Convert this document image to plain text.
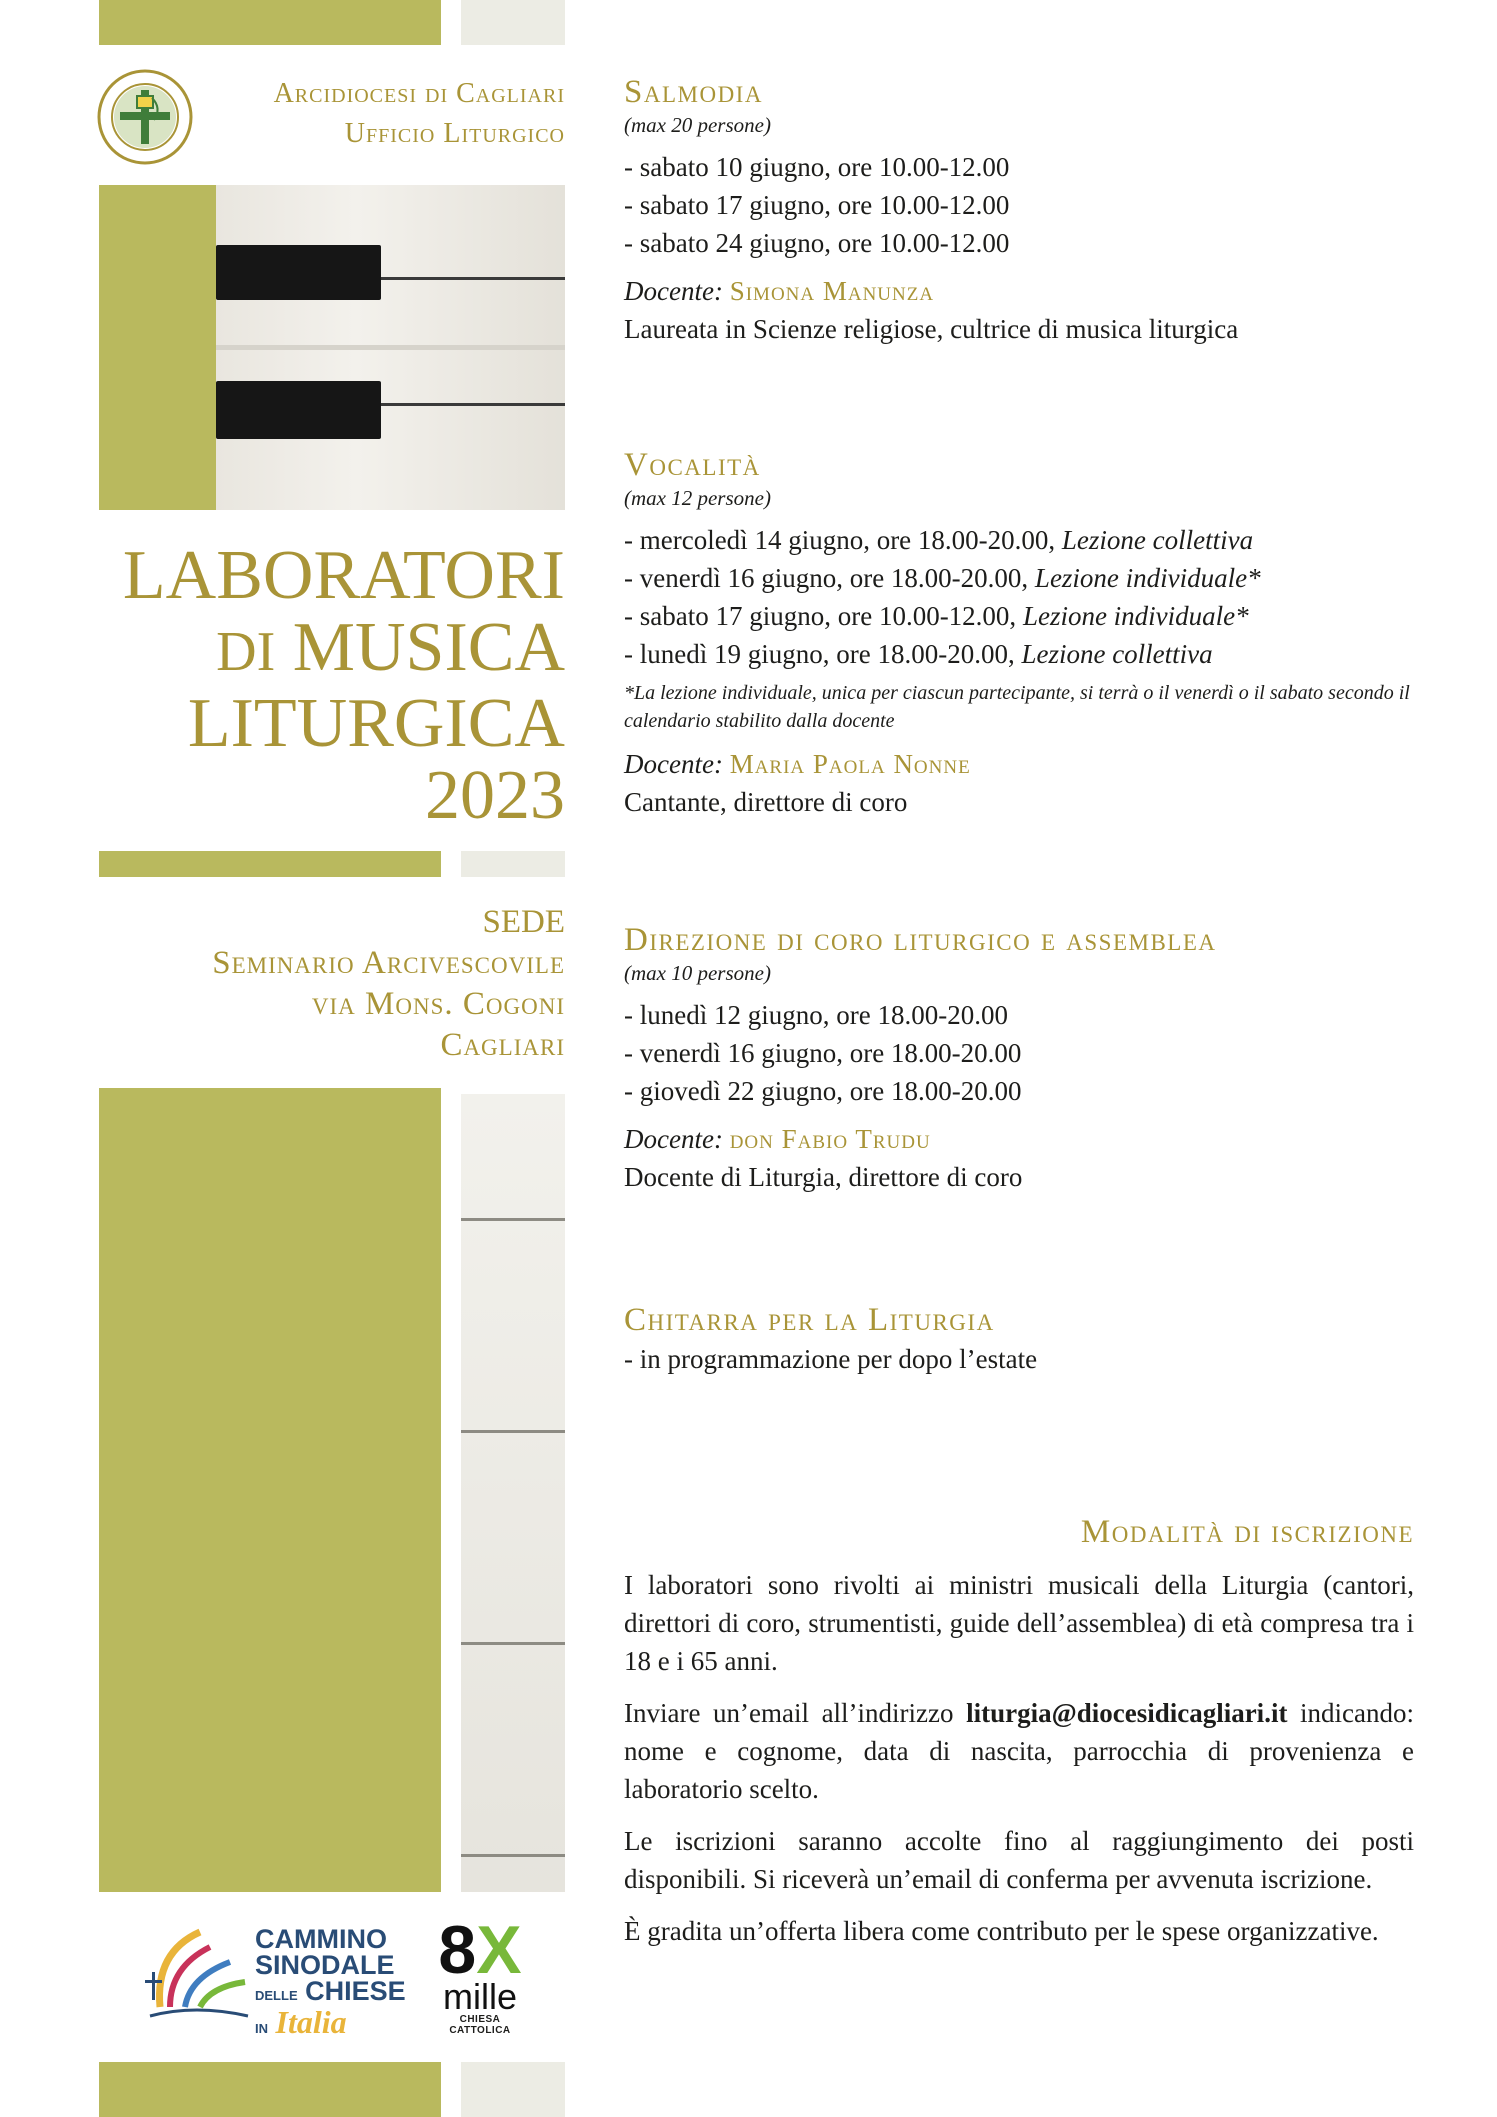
Arcidiocesi di Cagliari
Ufficio Liturgico
LABORATORI
DI MUSICA
LITURGICA
2023
SEDE
Seminario Arcivescovile
via Mons. Cogoni
Cagliari
CAMMINO
SINODALE
DELLE CHIESE
IN Italia
8X
mille
CHIESA CATTOLICA
Salmodia
(max 20 persone)
- sabato 10 giugno, ore 10.00-12.00
- sabato 17 giugno, ore 10.00-12.00
- sabato 24 giugno, ore 10.00-12.00
Docente: Simona Manunza
Laureata in Scienze religiose, cultrice di musica liturgica
Vocalità
(max 12 persone)
- mercoledì 14 giugno, ore 18.00-20.00, Lezione collettiva
- venerdì 16 giugno, ore 18.00-20.00, Lezione individuale*
- sabato 17 giugno, ore 10.00-12.00, Lezione individuale*
- lunedì 19 giugno, ore 18.00-20.00, Lezione collettiva
*La lezione individuale, unica per ciascun partecipante, si terrà o il venerdì o il sabato secondo il calendario stabilito dalla docente
Docente: Maria Paola Nonne
Cantante, direttore di coro
Direzione di coro liturgico e assemblea
(max 10 persone)
- lunedì 12 giugno, ore 18.00-20.00
- venerdì 16 giugno, ore 18.00-20.00
- giovedì 22 giugno, ore 18.00-20.00
Docente: don Fabio Trudu
Docente di Liturgia, direttore di coro
Chitarra per la Liturgia
- in programmazione per dopo l’estate
Modalità di iscrizione
I laboratori sono rivolti ai ministri musicali della Liturgia (cantori, direttori di coro, strumentisti, guide dell’assemblea) di età compresa tra i 18 e i 65 anni.
Inviare un’email all’indirizzo liturgia@diocesidicagliari.it indicando: nome e cognome, data di nascita, parrocchia di provenienza e laboratorio scelto.
Le iscrizioni saranno accolte fino al raggiungimento dei posti disponibili. Si riceverà un’email di conferma per avvenuta iscrizione.
È gradita un’offerta libera come contributo per le spese organizzative.
